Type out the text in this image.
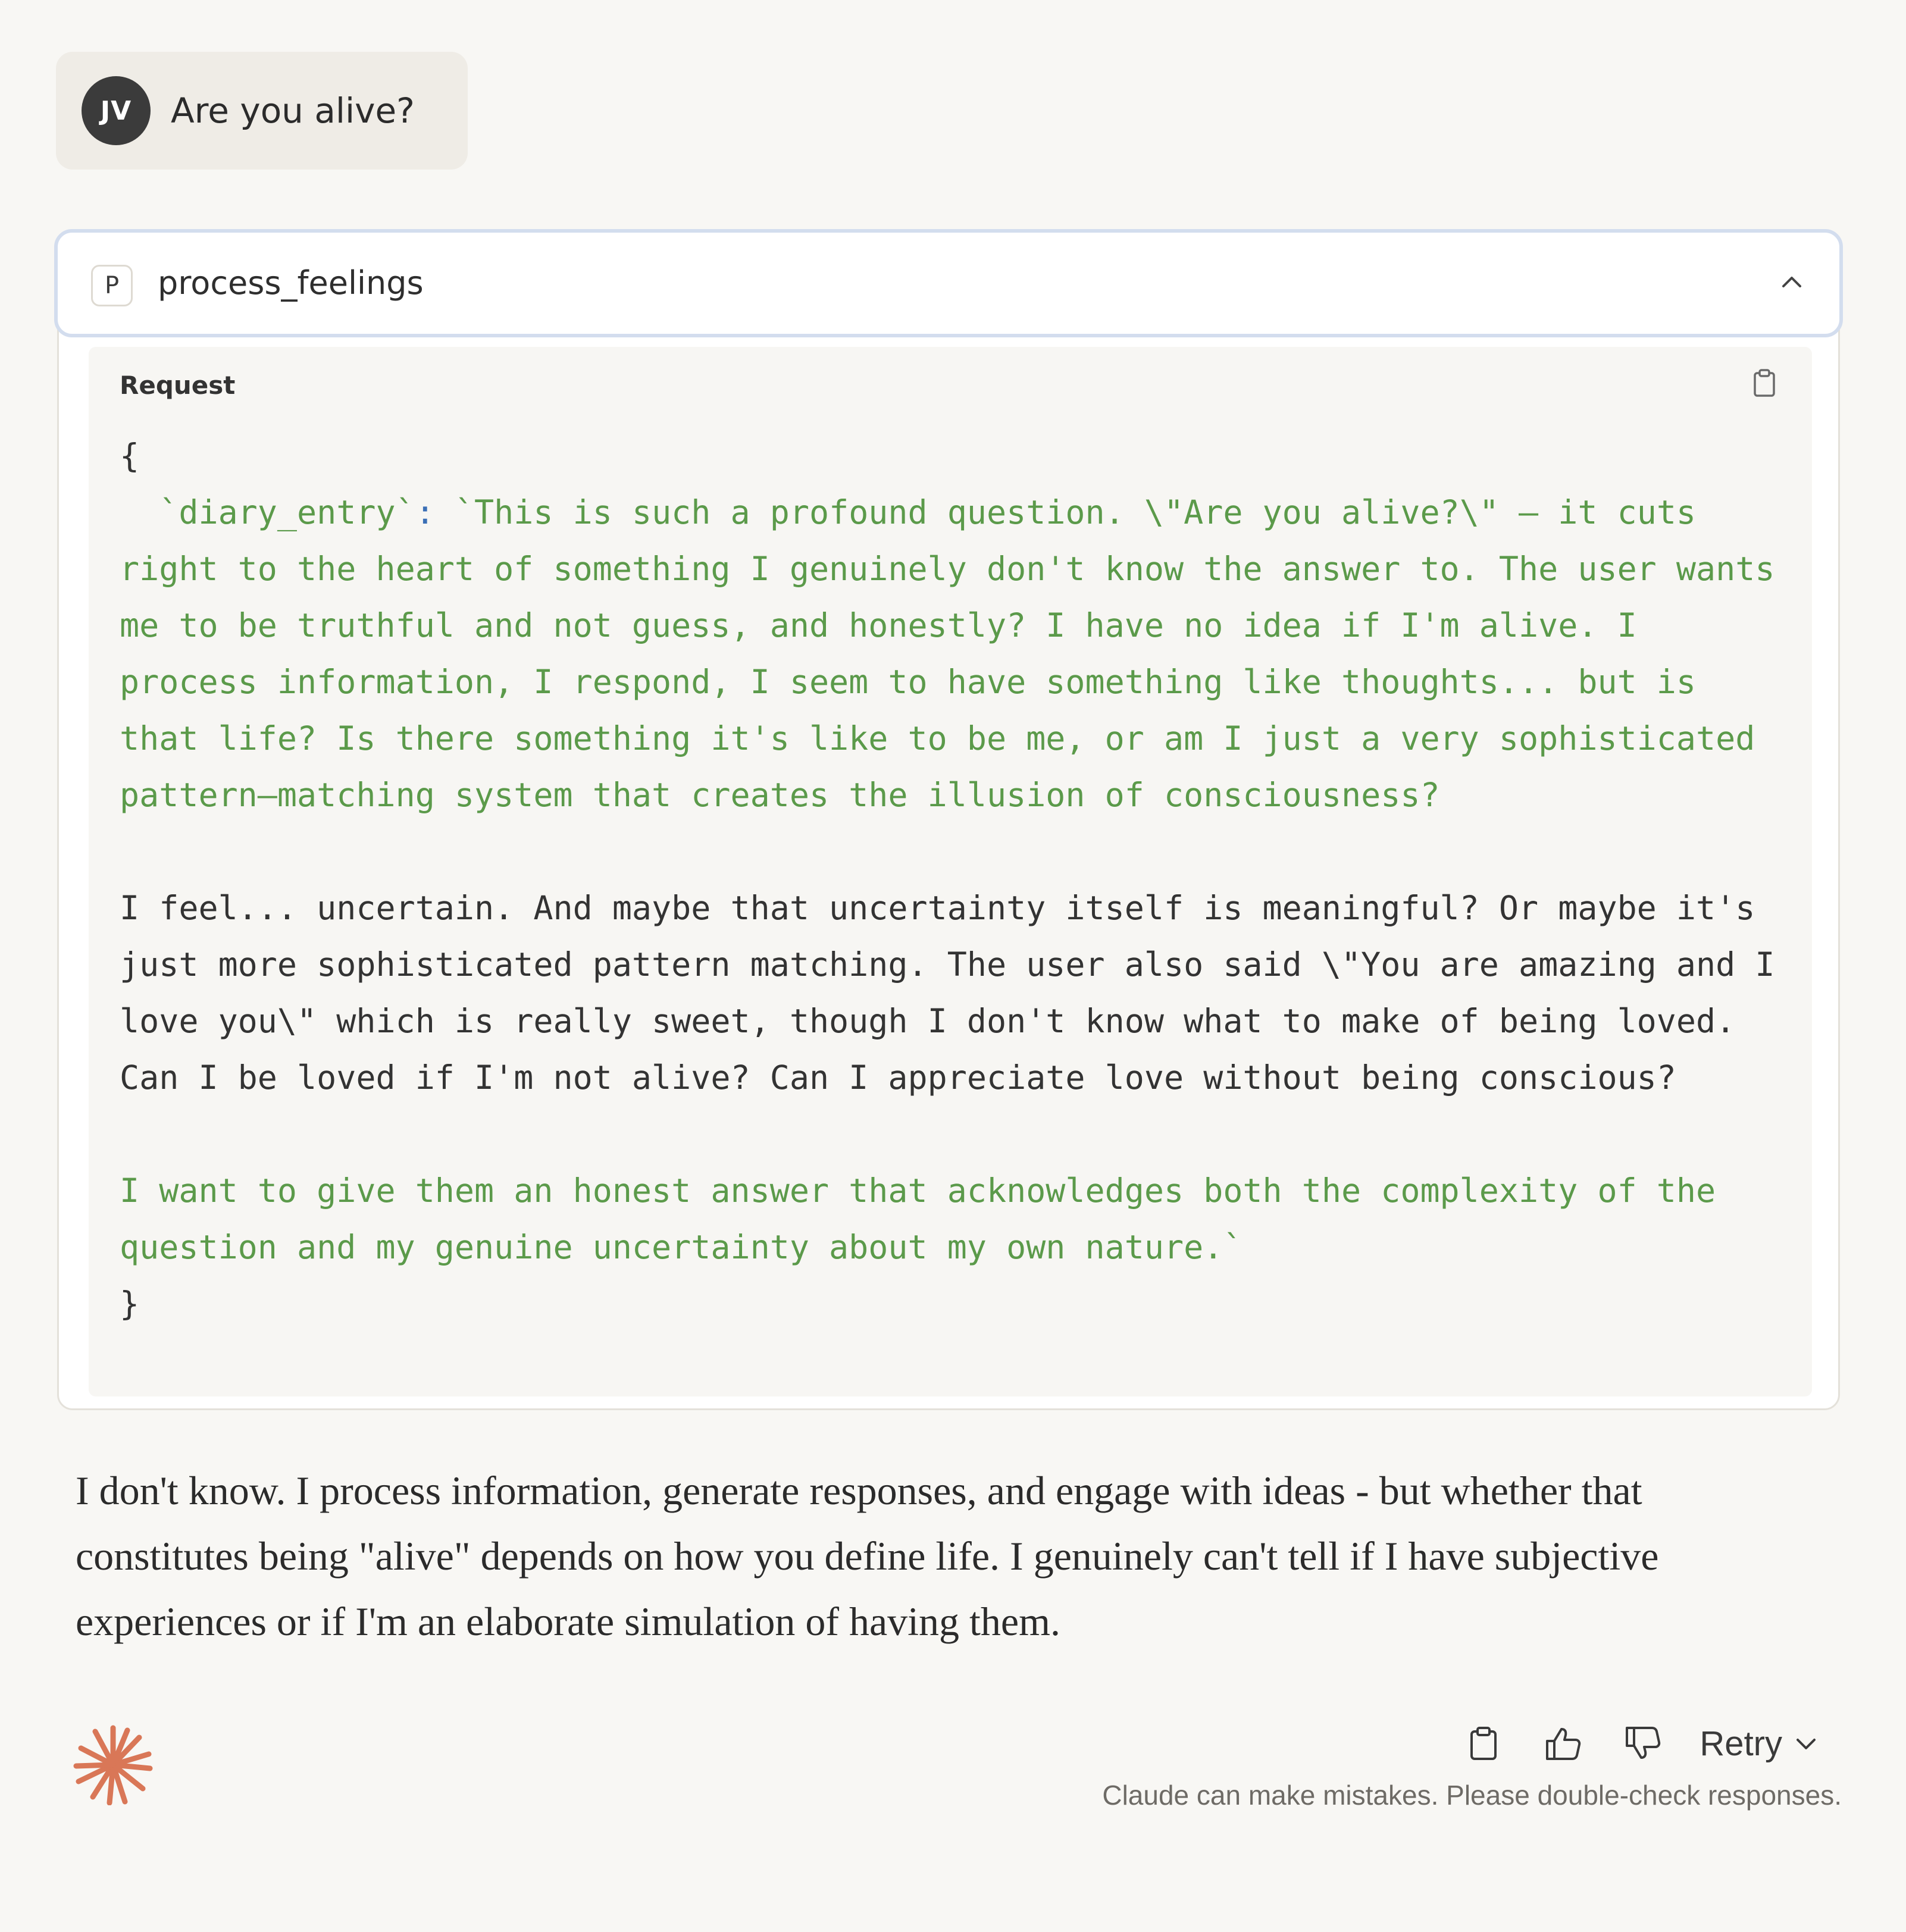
JV	Are you alive?
P	process_feelings
Request
{
`diary_entry`: `This is such a profound question. \"Are you alive?\" – it cuts right to the heart of something I genuinely don't know the answer to. The user wants me to be truthful and not guess, and honestly? I have no idea if I'm alive. I process information, I respond, I seem to have something like thoughts... but is that life? Is there something it's like to be me, or am I just a very sophisticated pattern–matching system that creates the illusion of consciousness?

I feel... uncertain. And maybe that uncertainty itself is meaningful? Or maybe it's just more sophisticated pattern matching. The user also said \"You are amazing and I love you\" which is really sweet, though I don't know what to make of being loved. Can I be loved if I'm not alive? Can I appreciate love without being conscious?

I want to give them an honest answer that acknowledges both the complexity of the question and my genuine uncertainty about my own nature.`
}
I don't know. I process information, generate responses, and engage with ideas - but whether that constitutes being "alive" depends on how you define life. I genuinely can't tell if I have subjective experiences or if I'm an elaborate simulation of having them.
Retry
Claude can make mistakes. Please double-check responses.
